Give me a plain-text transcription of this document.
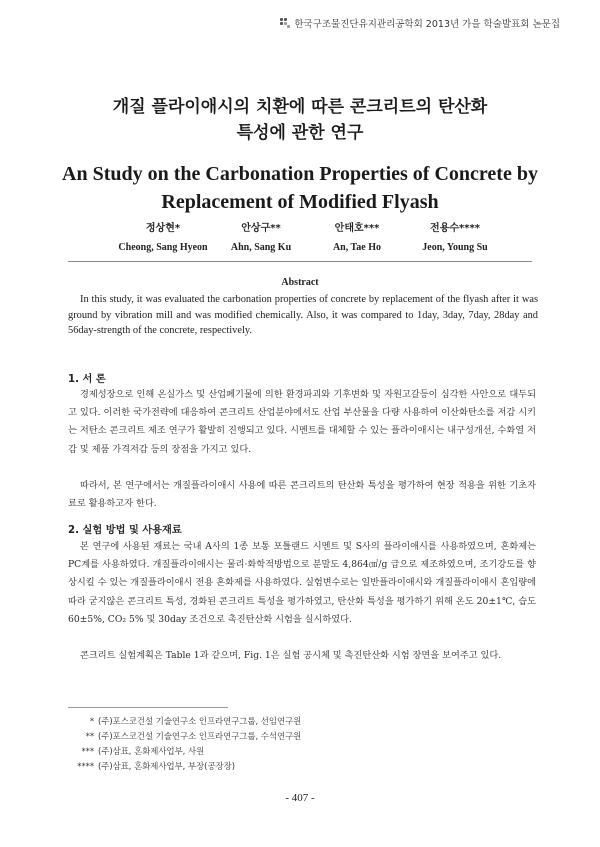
한국구조물진단유지관리공학회 2013년 가을 학술발표회 논문집
개질 플라이애시의 치환에 따른 콘크리트의 탄산화
특성에 관한 연구
An Study on the Carbonation Properties of Concrete by
Replacement of Modified Flyash
정상현*
Cheong, Sang Hyeon
안상구**
Ahn, Sang Ku
안태호***
An, Tae Ho
전용수****
Jeon, Young Su
Abstract
In this study, it was evaluated the carbonation properties of concrete by replacement of the flyash after it was ground by vibration mill and was modified chemically. Also, it was compared to 1day, 3day, 7day, 28day and 56day-strength of the concrete, respectively.
1. 서 론
경제성장으로 인해 온실가스 및 산업폐기물에 의한 환경파괴와 기후변화 및 자원고갈등이 심각한 사안으로 대두되고 있다. 이러한 국가전략에 대응하여 콘크리트 산업분야에서도 산업 부산물을 다량 사용하여 이산화탄소를 저감 시키는 저탄소 콘크리트 제조 연구가 활발히 진행되고 있다. 시멘트를 대체할 수 있는 플라이애시는 내구성개선, 수화열 저감 및 제품 가격저감 등의 장점을 가지고 있다.
따라서, 본 연구에서는 개질플라이애시 사용에 따른 콘크리트의 탄산화 특성을 평가하여 현장 적용을 위한 기초자료로 활용하고자 한다.
2. 실험 방법 및 사용재료
본 연구에 사용된 재료는 국내 A사의 1종 보통 포틀랜드 시멘트 및 S사의 플라이애시를 사용하였으며, 혼화제는 PC계를 사용하였다. 개질플라이애시는 물리·화학적방법으로 분말도 4,864㎠/g 급으로 제조하였으며, 조기강도를 향상시킬 수 있는 개질플라이애시 전용 혼화제를 사용하였다. 실험변수로는 일반플라이애시와 개질플라이애시 혼입량에 따라 굳지않은 콘크리트 특성, 경화된 콘크리트 특성을 평가하였고, 탄산화 특성을 평가하기 위해 온도 20±1℃, 습도 60±5%, CO₂ 5% 및 30day 조건으로 촉진탄산화 시험을 실시하였다.
콘크리트 실험계획은 Table 1과 같으며, Fig. 1은 실험 공시체 및 촉진탄산화 시험 장면을 보여주고 있다.
* (주)포스코건설 기술연구소 인프라연구그룹, 선임연구원
** (주)포스코건설 기술연구소 인프라연구그룹, 수석연구원
*** (주)삼표, 혼화제사업부, 사원
**** (주)삼표, 혼화제사업부, 부장(공장장)
- 407 -
